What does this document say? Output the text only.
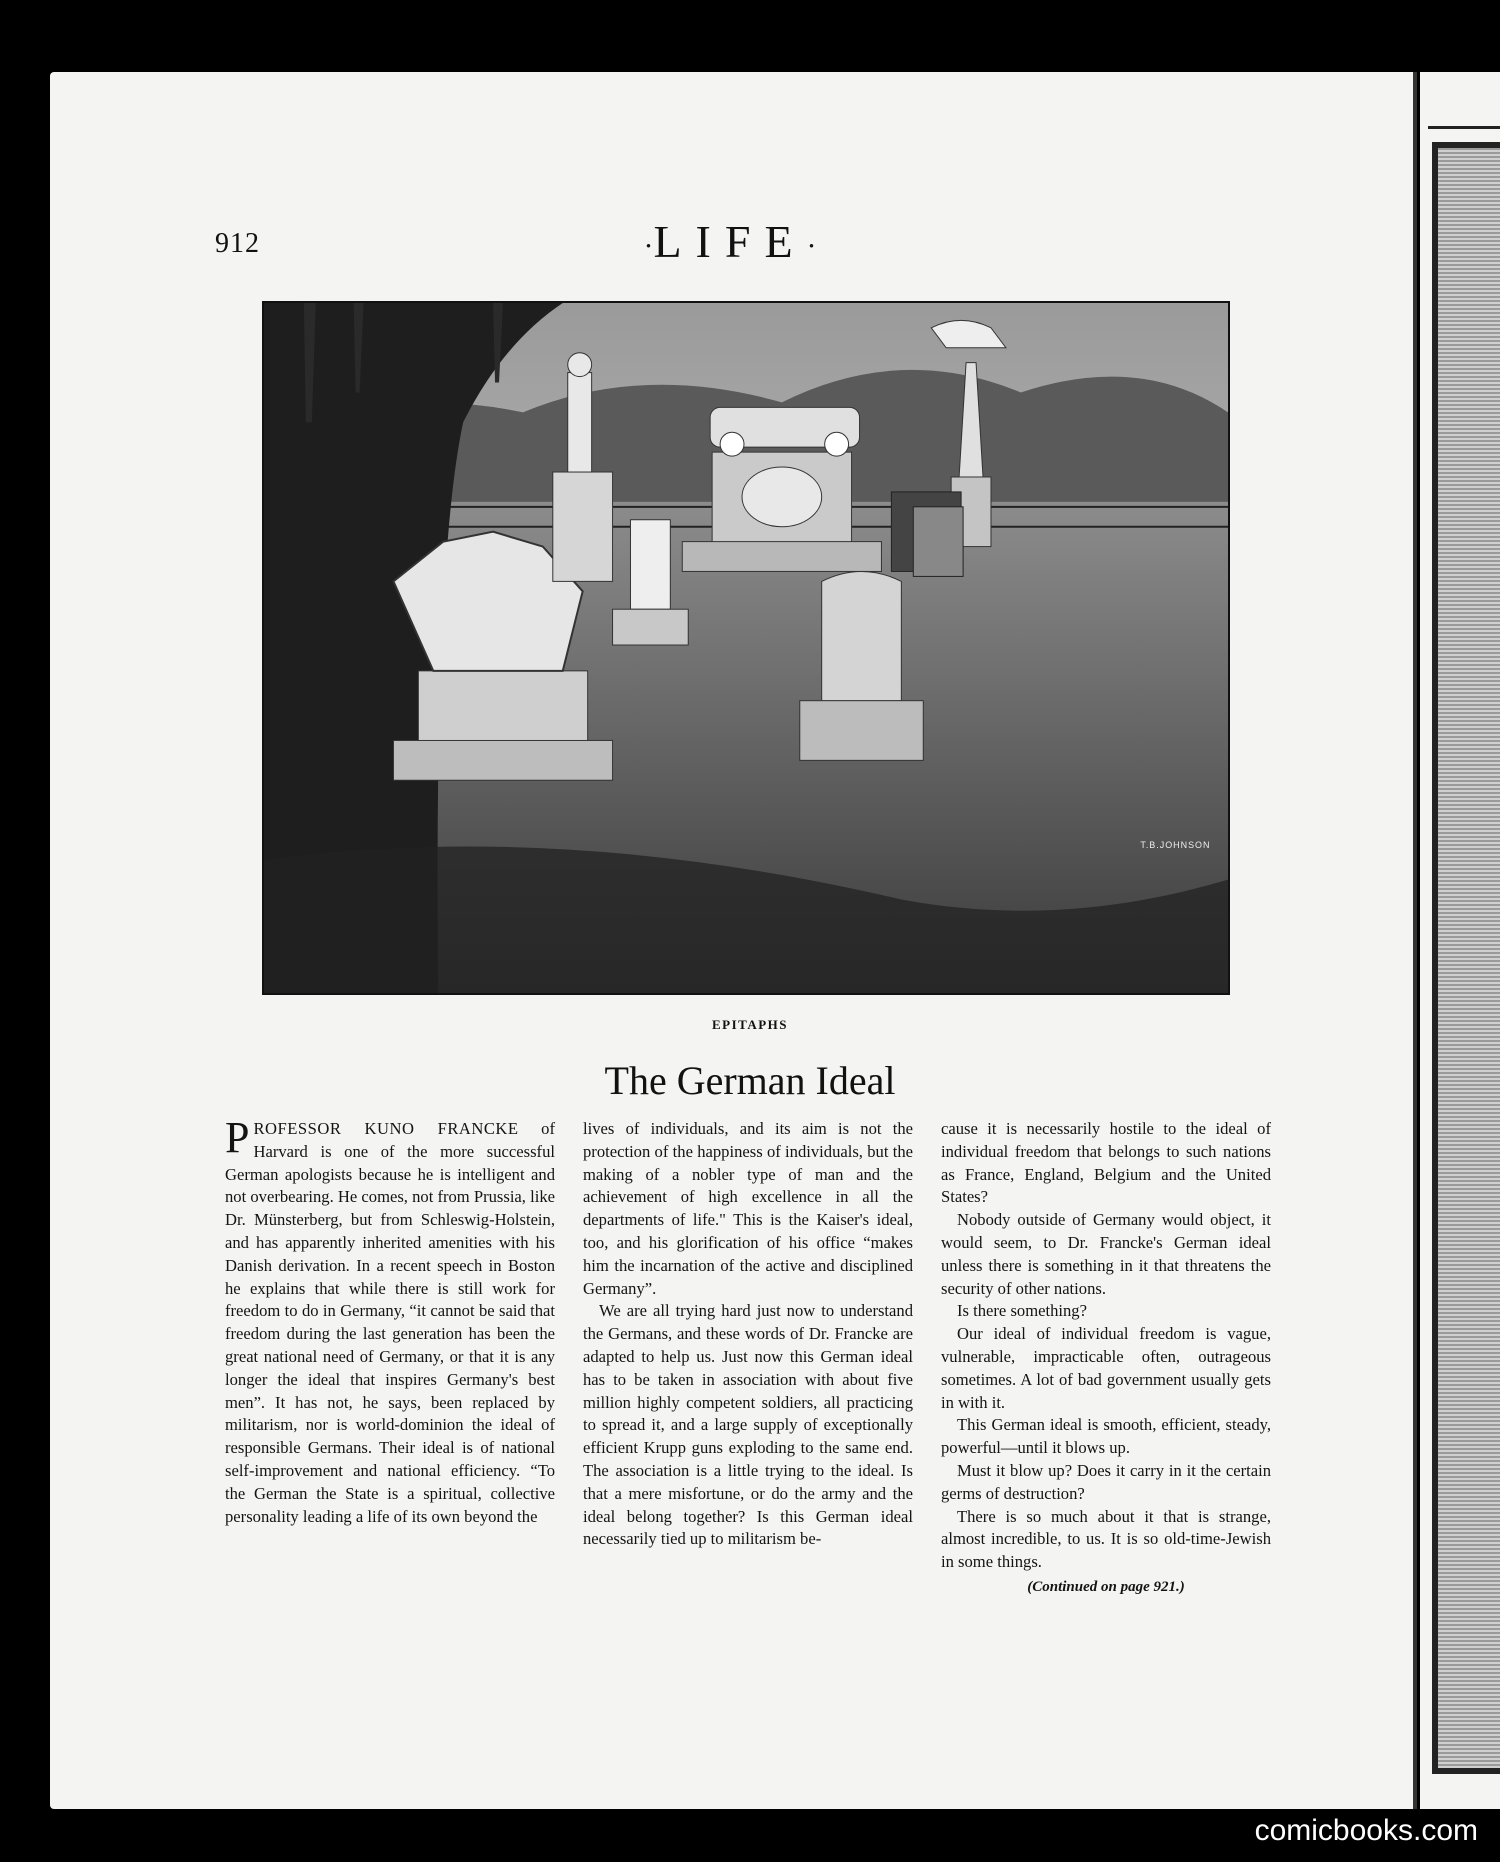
912	·LIFE·
T.B.JOHNSON
EPITAPHS
The German Ideal

PROFESSOR KUNO FRANCKE of Harvard is one of the more successful German apologists because he is intelligent and not overbearing. He comes, not from Prussia, like Dr. Münsterberg, but from Schleswig-Holstein, and has apparently inherited amenities with his Danish derivation. In a recent speech in Boston he explains that while there is still work for freedom to do in Germany, “it cannot be said that freedom during the last generation has been the great national need of Germany, or that it is any longer the ideal that inspires Germany's best men”. It has not, he says, been replaced by militarism, nor is world-dominion the ideal of responsible Germans. Their ideal is of national self-improvement and national efficiency. “To the German the State is a spiritual, collective personality leading a life of its own beyond the

lives of individuals, and its aim is not the protection of the happiness of individuals, but the making of a nobler type of man and the achievement of high excellence in all the departments of life." This is the Kaiser's ideal, too, and his glorification of his office “makes him the incarnation of the active and disciplined Germany”.

We are all trying hard just now to understand the Germans, and these words of Dr. Francke are adapted to help us. Just now this German ideal has to be taken in association with about five million highly competent soldiers, all practicing to spread it, and a large supply of exceptionally efficient Krupp guns exploding to the same end. The association is a little trying to the ideal. Is that a mere misfortune, or do the army and the ideal belong together? Is this German ideal necessarily tied up to militarism be-

cause it is necessarily hostile to the ideal of individual freedom that belongs to such nations as France, England, Belgium and the United States?

Nobody outside of Germany would object, it would seem, to Dr. Francke's German ideal unless there is something in it that threatens the security of other nations.

Is there something?

Our ideal of individual freedom is vague, vulnerable, impracticable often, outrageous sometimes. A lot of bad government usually gets in with it.

This German ideal is smooth, efficient, steady, powerful—until it blows up.

Must it blow up? Does it carry in it the certain germs of destruction?

There is so much about it that is strange, almost incredible, to us. It is so old-time-Jewish in some things.

(Continued on page 921.)
comicbooks.com
